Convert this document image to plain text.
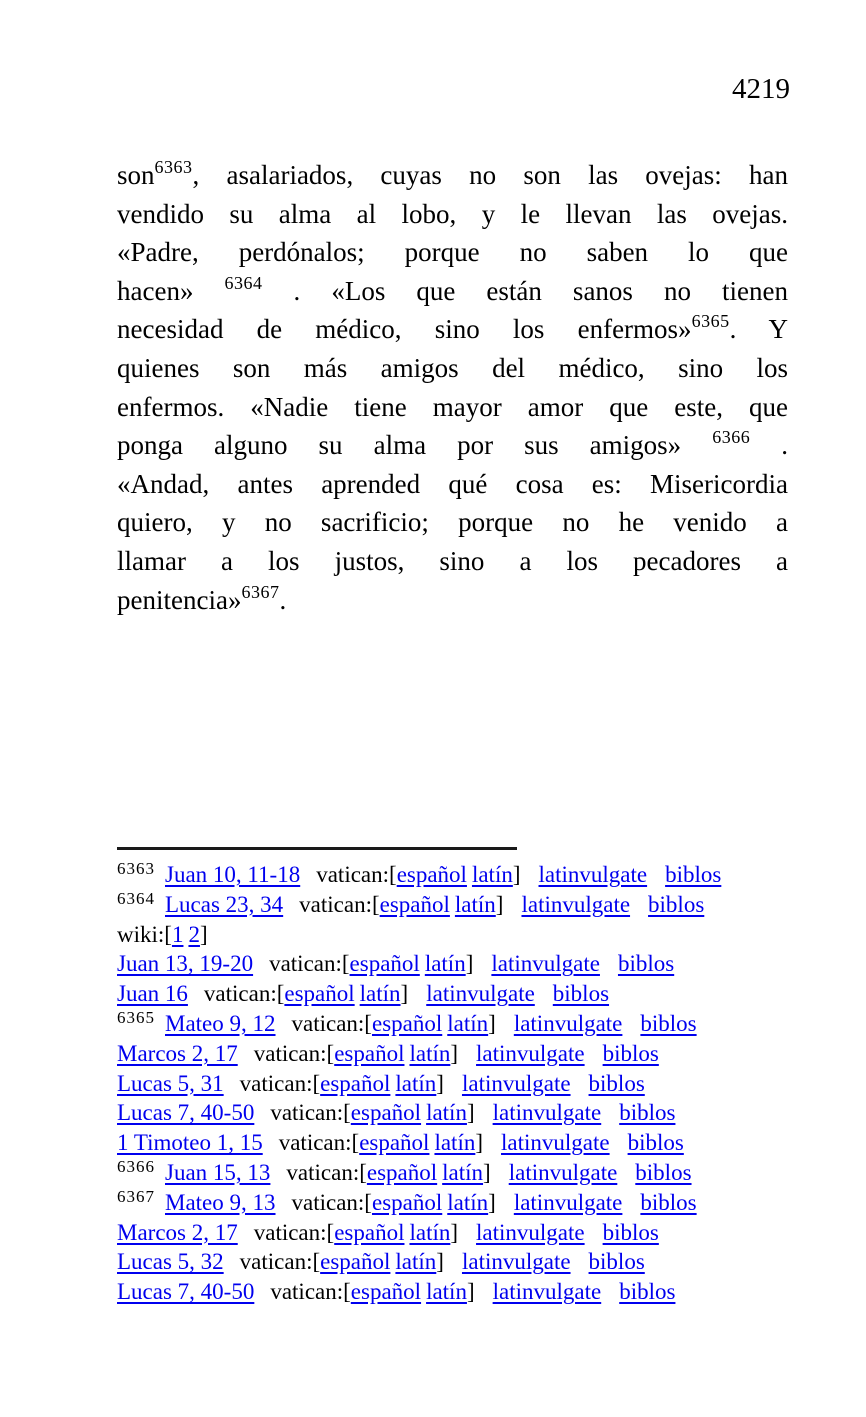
4219
son$^{6363}$, asalariados, cuyas no son las ovejas: han
vendido su alma al lobo, y le llevan las ovejas.
«Padre, perdónalos; porque no saben lo que
hacen» $^{6364}$ . «Los que están sanos no tienen
necesidad de médico, sino los enfermos»$^{6365}$. Y
quienes son más amigos del médico, sino los
enfermos. «Nadie tiene mayor amor que este, que
ponga alguno su alma por sus amigos» $^{6366}$ .
«Andad, antes aprended qué cosa es: Misericordia
quiero, y no sacrificio; porque no he venido a
llamar a los justos, sino a los pecadores a
penitencia»$^{6367}$.
$^{6363}$ Juan 10, 11-18 vatican:[español latín] latinvulgate biblos
$^{6364}$ Lucas 23, 34 vatican:[español latín] latinvulgate biblos
wiki:[1 2]
Juan 13, 19-20 vatican:[español latín] latinvulgate biblos
Juan 16 vatican:[español latín] latinvulgate biblos
$^{6365}$ Mateo 9, 12 vatican:[español latín] latinvulgate biblos
Marcos 2, 17 vatican:[español latín] latinvulgate biblos
Lucas 5, 31 vatican:[español latín] latinvulgate biblos
Lucas 7, 40-50 vatican:[español latín] latinvulgate biblos
1 Timoteo 1, 15 vatican:[español latín] latinvulgate biblos
$^{6366}$ Juan 15, 13 vatican:[español latín] latinvulgate biblos
$^{6367}$ Mateo 9, 13 vatican:[español latín] latinvulgate biblos
Marcos 2, 17 vatican:[español latín] latinvulgate biblos
Lucas 5, 32 vatican:[español latín] latinvulgate biblos
Lucas 7, 40-50 vatican:[español latín] latinvulgate biblos
